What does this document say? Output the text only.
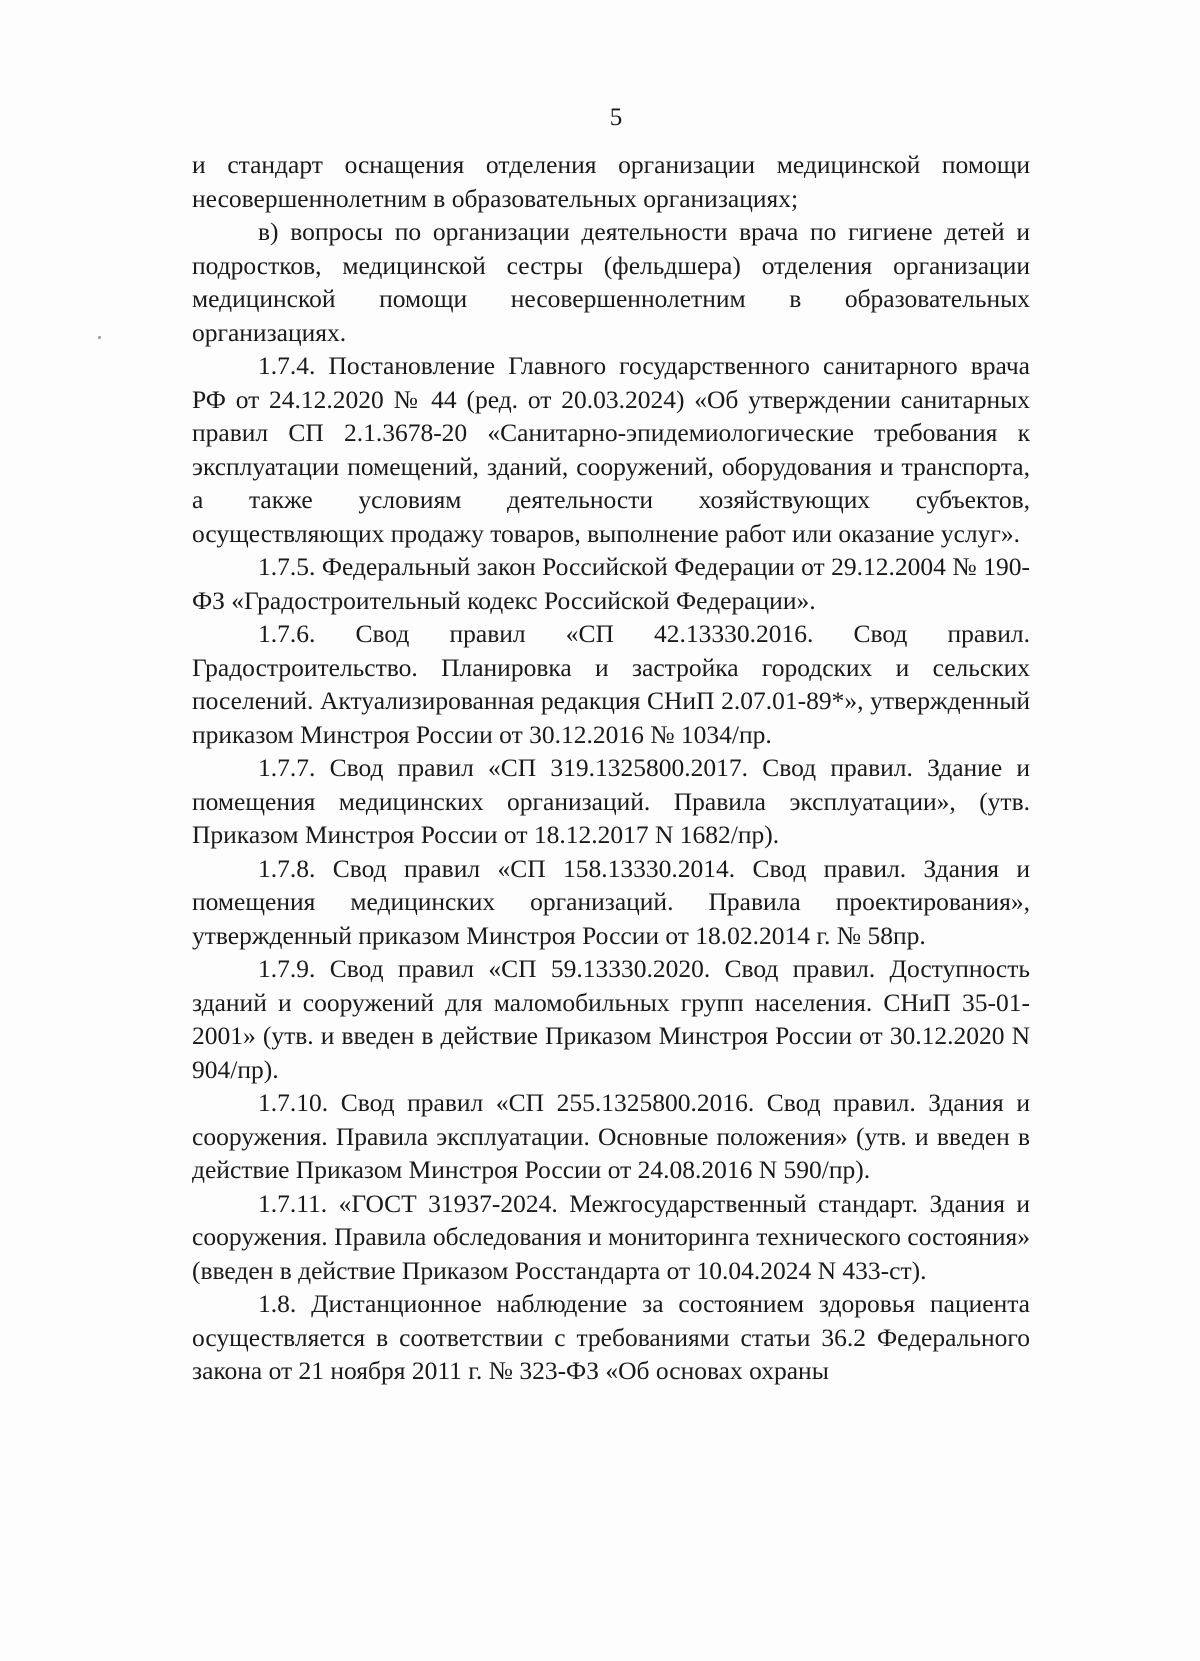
5

и стандарт оснащения отделения организации медицинской помощи несовершеннолетним в образовательных организациях;

в) вопросы по организации деятельности врача по гигиене детей и подростков, медицинской сестры (фельдшера) отделения организации медицинской помощи несовершеннолетним в образовательных организациях.

1.7.4. Постановление Главного государственного санитарного врача РФ от 24.12.2020 № 44 (ред. от 20.03.2024) «Об утверждении санитарных правил СП 2.1.3678-20 «Санитарно-эпидемиологические требования к эксплуатации помещений, зданий, сооружений, оборудования и транспорта, а также условиям деятельности хозяйствующих субъектов, осуществляющих продажу товаров, выполнение работ или оказание услуг».

1.7.5. Федеральный закон Российской Федерации от 29.12.2004 № 190-ФЗ «Градостроительный кодекс Российской Федерации».

1.7.6. Свод правил «СП 42.13330.2016. Свод правил. Градостроительство. Планировка и застройка городских и сельских поселений. Актуализированная редакция СНиП 2.07.01-89*», утвержденный приказом Минстроя России от 30.12.2016 № 1034/пр.

1.7.7. Свод правил «СП 319.1325800.2017. Свод правил. Здание и помещения медицинских организаций. Правила эксплуатации», (утв. Приказом Минстроя России от 18.12.2017 N 1682/пр).

1.7.8. Свод правил «СП 158.13330.2014. Свод правил. Здания и помещения медицинских организаций. Правила проектирования», утвержденный приказом Минстроя России от 18.02.2014 г. № 58пр.

1.7.9. Свод правил «СП 59.13330.2020. Свод правил. Доступность зданий и сооружений для маломобильных групп населения. СНиП 35-01-2001» (утв. и введен в действие Приказом Минстроя России от 30.12.2020 N 904/пр).

1.7.10. Свод правил «СП 255.1325800.2016. Свод правил. Здания и сооружения. Правила эксплуатации. Основные положения» (утв. и введен в действие Приказом Минстроя России от 24.08.2016 N 590/пр).

1.7.11. «ГОСТ 31937-2024. Межгосударственный стандарт. Здания и сооружения. Правила обследования и мониторинга технического состояния» (введен в действие Приказом Росстандарта от 10.04.2024 N 433-ст).

1.8. Дистанционное наблюдение за состоянием здоровья пациента осуществляется в соответствии с требованиями статьи 36.2 Федерального закона от 21 ноября 2011 г. № 323-ФЗ «Об основах охраны
